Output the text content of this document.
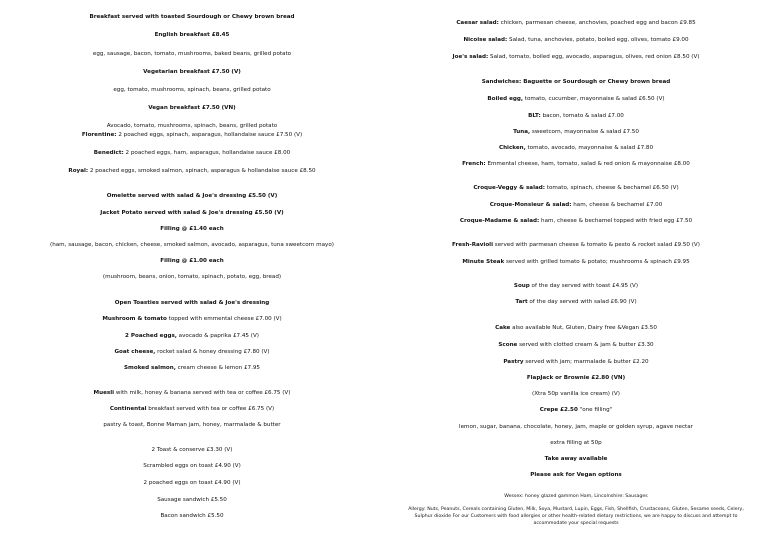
Breakfast served with toasted Sourdough or Chewy brown bread
English breakfast £8.45
egg, sausage, bacon, tomato, mushrooms, baked beans, grilled potato
Vegetarian breakfast £7.50 (V)
egg, tomato, mushrooms, spinach, beans, grilled potato
Vegan breakfast £7.50 (VN)
Avocado, tomato, mushrooms, spinach, beans, grilled potato
Florentine: 2 poached eggs, spinach, asparagus, hollandaise sauce £7.50 (V)
Benedict: 2 poached eggs, ham, asparagus, hollandaise sauce £8.00
Royal: 2 poached eggs, smoked salmon, spinach, asparagus & hollandaise sauce £8.50
Omelette served with salad & Joe's dressing £5.50 (V)
Jacket Potato served with salad & Joe's dressing £5.50 (V)
Filling @ £1.40 each
(ham, sausage, bacon, chicken, cheese, smoked salmon, avocado, asparagus, tuna sweetcorn mayo)
Filling @ £1.00 each
(mushroom, beans, onion, tomato, spinach, potato, egg, bread)
Open Toasties served with salad & Joe's dressing
Mushroom & tomato topped with emmental cheese £7.00 (V)
2 Poached eggs, avocado & paprika £7.45 (V)
Goat cheese, rocket salad & honey dressing £7.80 (V)
Smoked salmon, cream cheese & lemon £7.95
Muesli with milk, honey & banana served with tea or coffee £6.75 (V)
Continental breakfast served with tea or coffee £6.75 (V)
pastry & toast, Bonne Maman jam, honey, marmalade & butter
2 Toast & conserve £3.30 (V)
Scrambled eggs on toast £4.90 (V)
2 poached eggs on toast £4.90 (V)
Sausage sandwich £5.50
Bacon sandwich £5.50
Caesar salad: chicken, parmesan cheese, anchovies, poached egg and bacon £9.85
Nicoise salad: Salad, tuna, anchovies, potato, boiled egg, olives, tomato £9.00
Joe's salad: Salad, tomato, boiled egg, avocado, asparagus, olives, red onion £8.50 (V)
Sandwiches: Baguette or Sourdough or Chewy brown bread
Boiled egg, tomato, cucumber, mayonnaise & salad £6.50 (V)
BLT: bacon, tomato & salad £7.00
Tuna, sweetcorn, mayonnaise & salad £7.50
Chicken, tomato, avocado, mayonnaise & salad £7.80
French: Emmental cheese, ham, tomato, salad & red onion & mayonnaise £8.00
Croque-Veggy & salad: tomato, spinach, cheese & bechamel £6.50 (V)
Croque-Monsieur & salad: ham, cheese & bechamel £7.00
Croque-Madame & salad: ham, cheese & bechamel topped with fried egg £7.50
Fresh-Ravioli served with parmesan cheese & tomato & pesto & rocket salad £9.50 (V)
Minute Steak served with grilled tomato & potato; mushrooms & spinach £9.95
Soup of the day served with toast £4.95 (V)
Tart of the day served with salad £6.90 (V)
Cake also available Nut, Gluten, Dairy free &Vegan £3.50
Scone served with clotted cream & jam & butter £3.30
Pastry served with jam; marmalade & butter £2.20
FlapJack or Brownie £2.80 (VN)
(Xtra 50p vanilla ice cream) (V)
Crepe £2.50 "one filling"
lemon, sugar, banana, chocolate, honey, jam, maple or golden syrup, agave nectar
extra filling at 50p
Take away available
Please ask for Vegan options
Wessex: honey glazed gammon Ham, Lincolnshire: Sausages
Allergy: Nuts, Peanuts, Cereals containing Gluten, Milk, Soya, Mustard, Lupin, Eggs, Fish, Shellfish, Crustaceans, Gluten, Sesame seeds, Celery, Sulphur dioxide For our Customers with food allergies or other health-related dietary restrictions, we are happy to discuss and attempt to accommodate your special requests
